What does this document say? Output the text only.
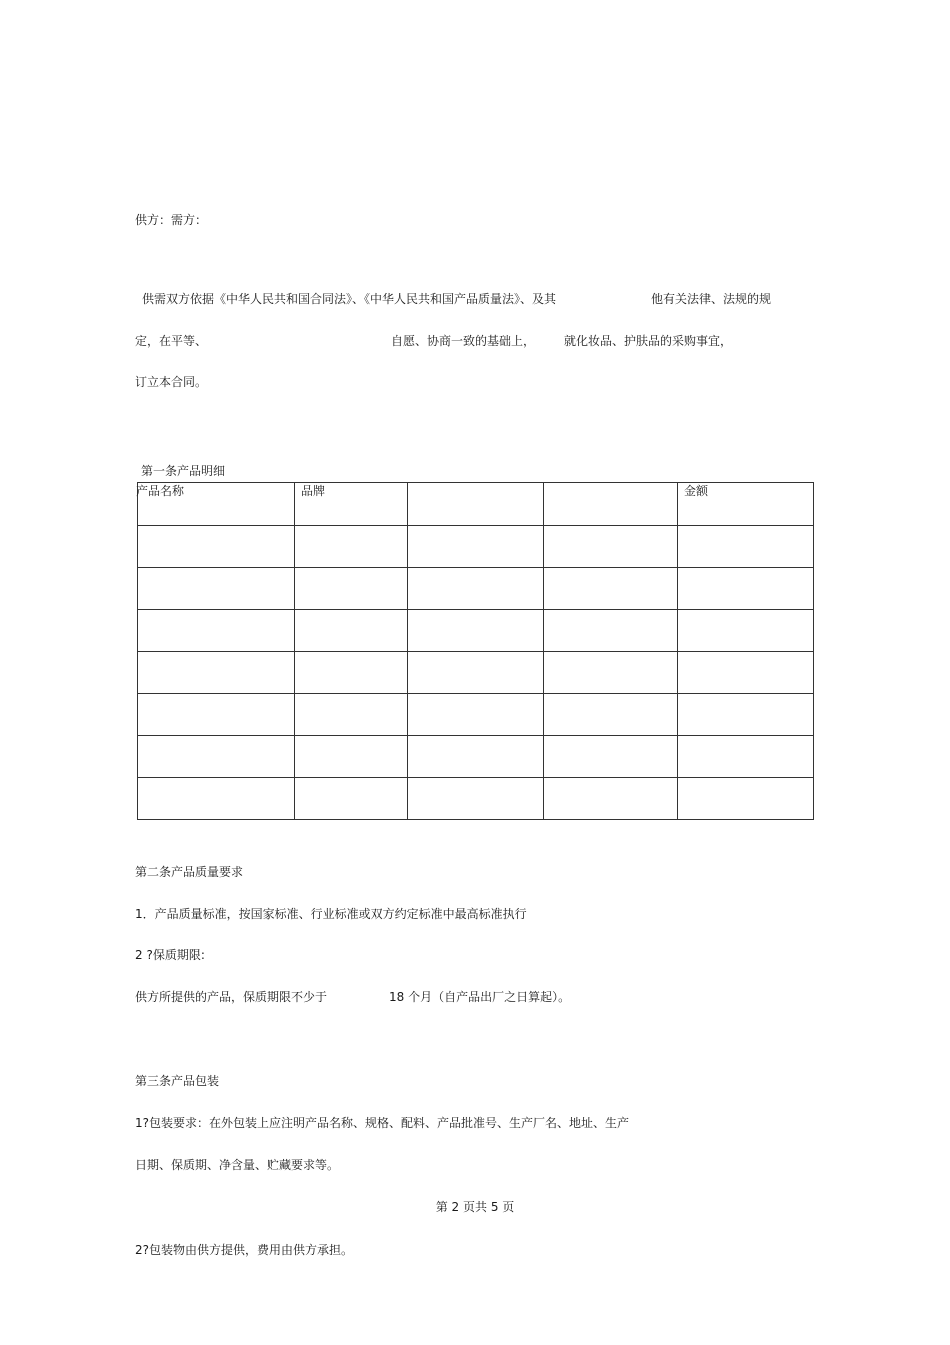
供方：需方：
供需双方依据《中华人民共和国合同法》、《中华人民共和国产品质量法》、及其	他有关法律、法规的规
定，在平等、	自愿、协商一致的基础上， 就化妆品、护肤品的采购事宜，
订立本合同。
第一条产品明细
产品名称	品牌			金额

第二条产品质量要求
1．产品质量标准，按国家标准、行业标准或双方约定标准中最高标准执行
2 ?保质期限:
供方所提供的产品，保质期限不少于	18 个月（自产品出厂之日算起）。
第三条产品包装
1?包装要求：在外包装上应注明产品名称、规格、配料、产品批准号、生产厂名、地址、生产
日期、保质期、净含量、贮藏要求等。
第 2 页共 5 页
2?包装物由供方提供，费用由供方承担。
